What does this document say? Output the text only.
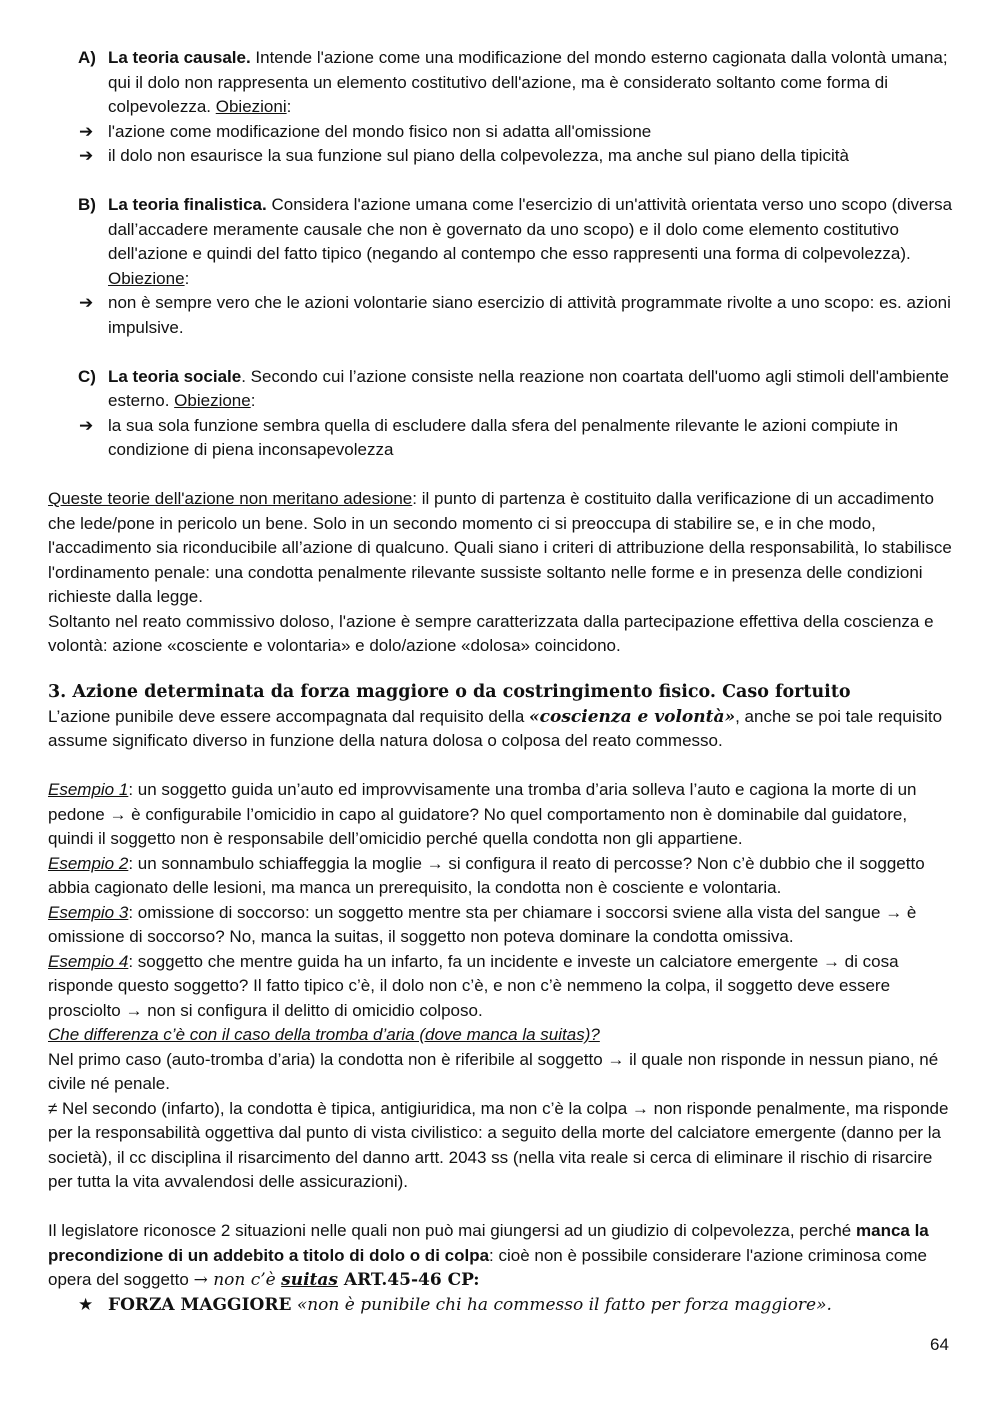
A) La teoria causale. Intende l'azione come una modificazione del mondo esterno cagionata dalla volontà umana; qui il dolo non rappresenta un elemento costitutivo dell'azione, ma è considerato soltanto come forma di colpevolezza. Obiezioni:
➔ l'azione come modificazione del mondo fisico non si adatta all'omissione
➔ il dolo non esaurisce la sua funzione sul piano della colpevolezza, ma anche sul piano della tipicità
B) La teoria finalistica. Considera l'azione umana come l'esercizio di un'attività orientata verso uno scopo (diversa dall’accadere meramente causale che non è governato da uno scopo) e il dolo come elemento costitutivo dell'azione e quindi del fatto tipico (negando al contempo che esso rappresenti una forma di colpevolezza). Obiezione:
➔ non è sempre vero che le azioni volontarie siano esercizio di attività programmate rivolte a uno scopo: es. azioni impulsive.
C) La teoria sociale. Secondo cui l’azione consiste nella reazione non coartata dell'uomo agli stimoli dell'ambiente esterno. Obiezione:
➔ la sua sola funzione sembra quella di escludere dalla sfera del penalmente rilevante le azioni compiute in condizione di piena inconsapevolezza

Queste teorie dell'azione non meritano adesione: il punto di partenza è costituito dalla verificazione di un accadimento che lede/pone in pericolo un bene. Solo in un secondo momento ci si preoccupa di stabilire se, e in che modo, l'accadimento sia riconducibile all’azione di qualcuno. Quali siano i criteri di attribuzione della responsabilità, lo stabilisce l'ordinamento penale: una condotta penalmente rilevante sussiste soltanto nelle forme e in presenza delle condizioni richieste dalla legge.

Soltanto nel reato commissivo doloso, l'azione è sempre caratterizzata dalla partecipazione effettiva della coscienza e volontà: azione «cosciente e volontaria» e dolo/azione «dolosa» coincidono.

3. Azione determinata da forza maggiore o da costringimento fisico. Caso fortuito

L’azione punibile deve essere accompagnata dal requisito della «coscienza e volontà», anche se poi tale requisito assume significato diverso in funzione della natura dolosa o colposa del reato commesso.

Esempio 1: un soggetto guida un’auto ed improvvisamente una tromba d’aria solleva l’auto e cagiona la morte di un pedone → è configurabile l’omicidio in capo al guidatore? No quel comportamento non è dominabile dal guidatore, quindi il soggetto non è responsabile dell’omicidio perché quella condotta non gli appartiene.

Esempio 2: un sonnambulo schiaffeggia la moglie → si configura il reato di percosse? Non c’è dubbio che il soggetto abbia cagionato delle lesioni, ma manca un prerequisito, la condotta non è cosciente e volontaria.

Esempio 3: omissione di soccorso: un soggetto mentre sta per chiamare i soccorsi sviene alla vista del sangue → è omissione di soccorso? No, manca la suitas, il soggetto non poteva dominare la condotta omissiva.

Esempio 4: soggetto che mentre guida ha un infarto, fa un incidente e investe un calciatore emergente → di cosa risponde questo soggetto? Il fatto tipico c’è, il dolo non c’è, e non c’è nemmeno la colpa, il soggetto deve essere prosciolto → non si configura il delitto di omicidio colposo.

Che differenza c’è con il caso della tromba d’aria (dove manca la suitas)?

Nel primo caso (auto-tromba d’aria) la condotta non è riferibile al soggetto → il quale non risponde in nessun piano, né civile né penale.

≠ Nel secondo (infarto), la condotta è tipica, antigiuridica, ma non c’è la colpa → non risponde penalmente, ma risponde per la responsabilità oggettiva dal punto di vista civilistico: a seguito della morte del calciatore emergente (danno per la società), il cc disciplina il risarcimento del danno artt. 2043 ss (nella vita reale si cerca di eliminare il rischio di risarcire per tutta la vita avvalendosi delle assicurazioni).

Il legislatore riconosce 2 situazioni nelle quali non può mai giungersi ad un giudizio di colpevolezza, perché manca la precondizione di un addebito a titolo di dolo o di colpa: cioè non è possibile considerare l'azione criminosa come opera del soggetto → non c’è suitas ART.45-46 CP:

★ FORZA MAGGIORE «non è punibile chi ha commesso il fatto per forza maggiore».
64
